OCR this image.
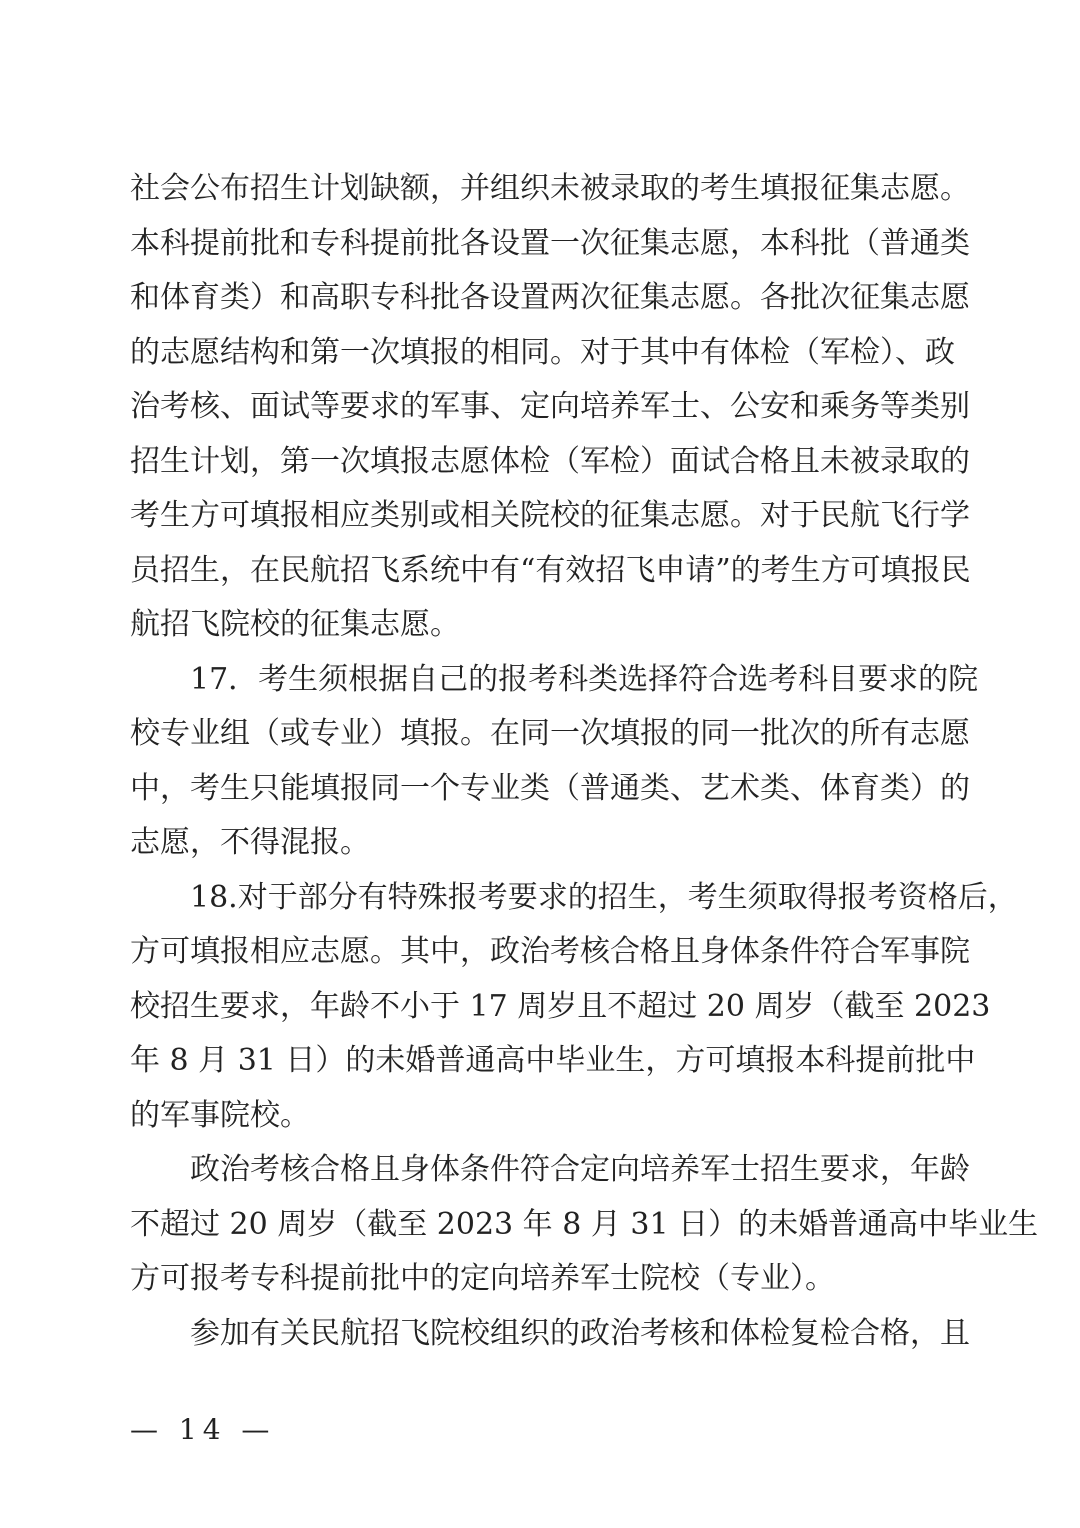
社会公布招生计划缺额，并组织未被录取的考生填报征集志愿。
本科提前批和专科提前批各设置一次征集志愿，本科批（普通类
和体育类）和高职专科批各设置两次征集志愿。各批次征集志愿
的志愿结构和第一次填报的相同。对于其中有体检（军检）、政
治考核、面试等要求的军事、定向培养军士、公安和乘务等类别
招生计划，第一次填报志愿体检（军检）面试合格且未被录取的
考生方可填报相应类别或相关院校的征集志愿。对于民航飞行学
员招生，在民航招飞系统中有“有效招飞申请”的考生方可填报民
航招飞院校的征集志愿。
17．考生须根据自己的报考科类选择符合选考科目要求的院
校专业组（或专业）填报。在同一次填报的同一批次的所有志愿
中，考生只能填报同一个专业类（普通类、艺术类、体育类）的
志愿，不得混报。
18.对于部分有特殊报考要求的招生，考生须取得报考资格后，
方可填报相应志愿。其中，政治考核合格且身体条件符合军事院
校招生要求，年龄不小于 17 周岁且不超过 20 周岁（截至 2023
年 8 月 31 日）的未婚普通高中毕业生，方可填报本科提前批中
的军事院校。
政治考核合格且身体条件符合定向培养军士招生要求，年龄
不超过 20 周岁（截至 2023 年 8 月 31 日）的未婚普通高中毕业生
方可报考专科提前批中的定向培养军士院校（专业）。
参加有关民航招飞院校组织的政治考核和体检复检合格，且
— 14 —
